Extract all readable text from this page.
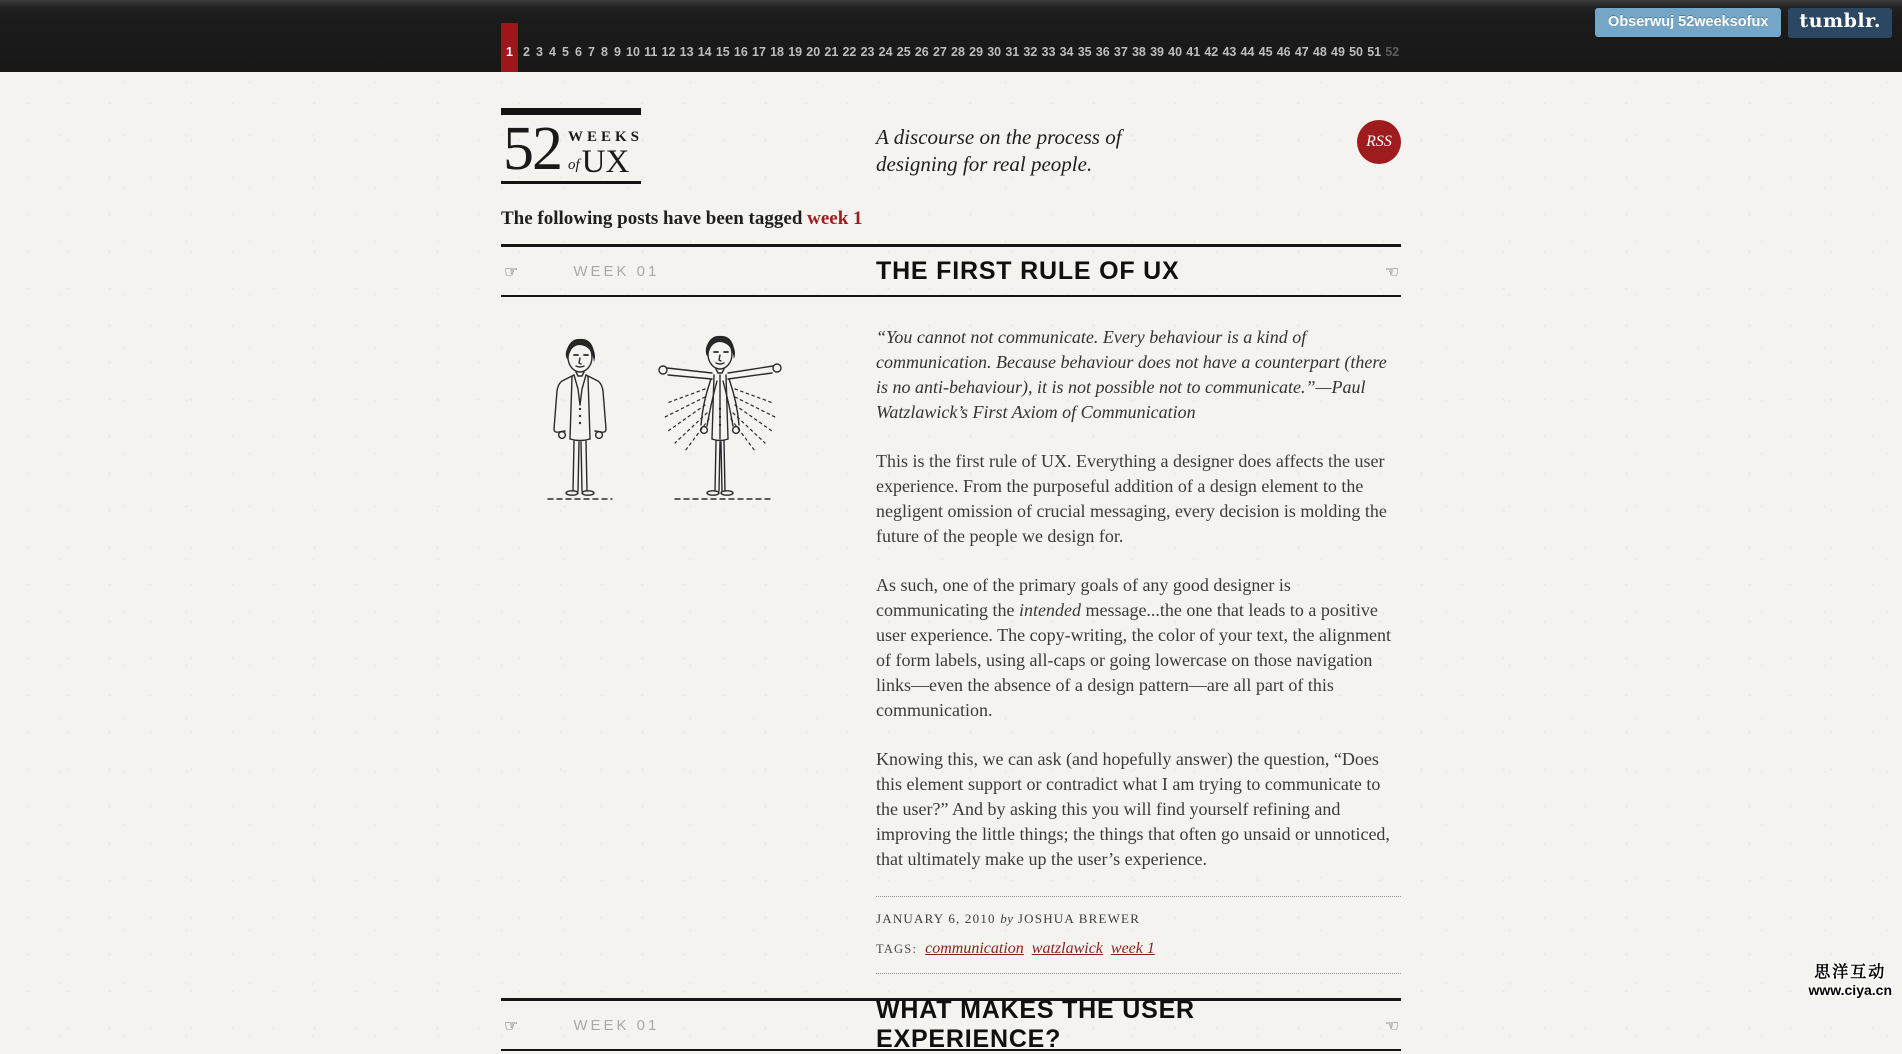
1 2 3 4 5 6 7 8 9 10 11 12 13 14 15 16 17 18 19 20 21 22 23 24 25 26 27 28 29 30 31 32 33 34 35 36 37 38 39 40 41 42 43 44 45 46 47 48 49 50 51 52
Obserwuj 52weeksofux	tumblr.
52 WEEKS
of UX
A discourse on the process of
designing for real people.
RSS
The following posts have been tagged week 1
☞	WEEK 01	THE FIRST RULE OF UX	☜

“You cannot not communicate. Every behaviour is a kind of communication. Because behaviour does not have a counterpart (there is no anti-behaviour), it is not possible not to communicate.”—Paul Watzlawick’s First Axiom of Communication

This is the first rule of UX. Everything a designer does affects the user experience. From the purposeful addition of a design element to the negligent omission of crucial messaging, every decision is molding the future of the people we design for.

As such, one of the primary goals of any good designer is communicating the intended message...the one that leads to a positive user experience. The copy-writing, the color of your text, the alignment of form labels, using all-caps or going lowercase on those navigation links—even the absence of a design pattern—are all part of this communication.

Knowing this, we can ask (and hopefully answer) the question, “Does this element support or contradict what I am trying to communicate to the user?” And by asking this you will find yourself refining and improving the little things; the things that often go unsaid or unnoticed, that ultimately make up the user’s experience.

JANUARY 6, 2010 by JOSHUA BREWER
TAGS: communication watzlawick week 1
☞	WEEK 01
WHAT MAKES THE USER EXPERIENCE?	☜
思洋互动
www.ciya.cn
